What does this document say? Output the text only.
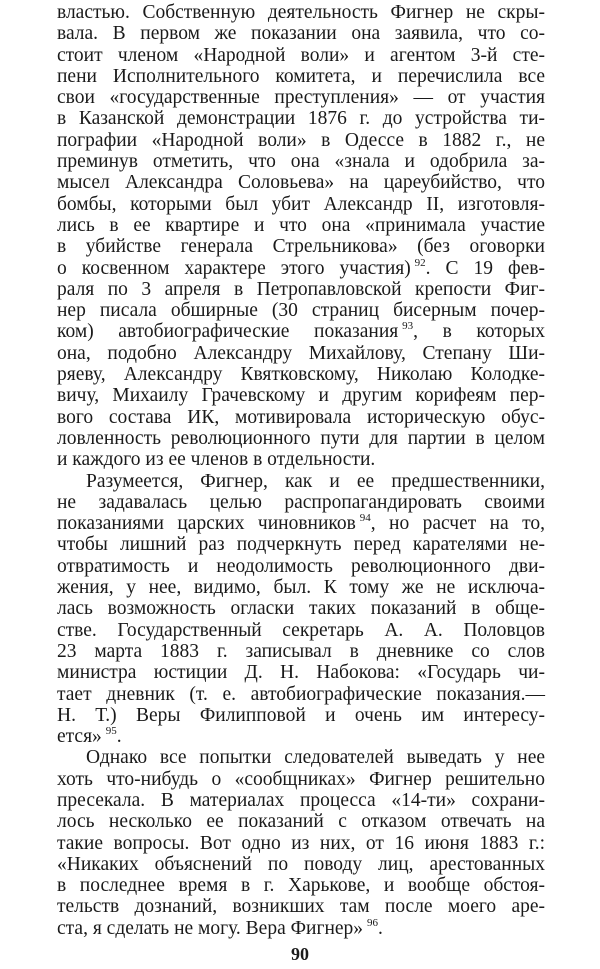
властью. Собственную деятельность Фигнер не скры-
вала. В первом же показании она заявила, что со-
стоит членом «Народной воли» и агентом 3-й сте-
пени Исполнительного комитета, и перечислила все
свои «государственные преступления» — от участия
в Казанской демонстрации 1876 г. до устройства ти-
пографии «Народной воли» в Одессе в 1882 г., не
преминув отметить, что она «знала и одобрила за-
мысел Александра Соловьева» на цареубийство, что
бомбы, которыми был убит Александр II, изготовля-
лись в ее квартире и что она «принимала участие
в убийстве генерала Стрельникова» (без оговорки
о косвенном характере этого участия)  $^{92}$. С 19 фев-
раля по 3 апреля в Петропавловской крепости Фиг-
нер писала обширные (30 страниц бисерным почер-
ком) автобиографические показания  $^{93}$, в которых
она, подобно Александру Михайлову, Степану Ши-
ряеву, Александру Квятковскому, Николаю Колодке-
вичу, Михаилу Грачевскому и другим корифеям пер-
вого состава ИК, мотивировала историческую обус-
ловленность революционного пути для партии в целом
и каждого из ее членов в отдельности.
Разумеется, Фигнер, как и ее предшественники,
не задавалась целью распропагандировать своими
показаниями царских чиновников  $^{94}$, но расчет на то,
чтобы лишний раз подчеркнуть перед карателями не-
отвратимость и неодолимость революционного дви-
жения, у нее, видимо, был. К тому же не исключа-
лась возможность огласки таких показаний в обще-
стве. Государственный секретарь А. А. Половцов
23 марта 1883 г. записывал в дневнике со слов
министра юстиции Д. Н. Набокова: «Государь чи-
тает дневник (т. е. автобиографические показания.—
Н. Т.) Веры Филипповой и очень им интересу-
ется»  $^{95}$.
Однако все попытки следователей выведать у нее
хоть что-нибудь о «сообщниках» Фигнер решительно
пресекала. В материалах процесса «14-ти» сохрани-
лось несколько ее показаний с отказом отвечать на
такие вопросы. Вот одно из них, от 16 июня 1883 г.:
«Никаких объяснений по поводу лиц, арестованных
в последнее время в г. Харькове, и вообще обстоя-
тельств дознаний, возникших там после моего аре-
ста, я сделать не могу. Вера Фигнер»  $^{96}$.
90
